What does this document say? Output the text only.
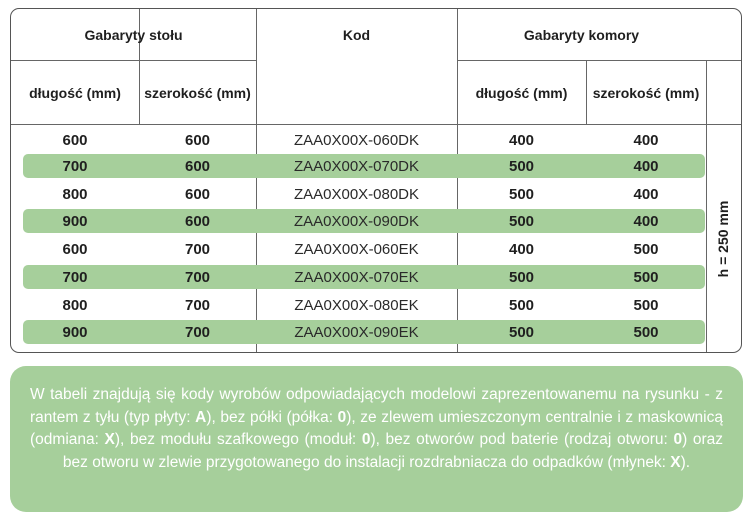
Gabaryty stołu	Kod	Gabaryty komory
długość (mm)	szerokość (mm)	długość (mm)	szerokość (mm)
600	600	ZAA0X00X-060DK	400	400
700	600	ZAA0X00X-070DK	500	400
800	600	ZAA0X00X-080DK	500	400
900	600	ZAA0X00X-090DK	500	400
600	700	ZAA0X00X-060EK	400	500
700	700	ZAA0X00X-070EK	500	500
800	700	ZAA0X00X-080EK	500	500
900	700	ZAA0X00X-090EK	500	500
h = 250 mm

W tabeli znajdują się kody wyrobów odpowiadających modelowi zaprezentowanemu na rysunku - z rantem z tyłu (typ płyty: A), bez półki (półka: 0), ze zlewem umieszczonym centralnie i z maskownicą (odmiana: X), bez modułu szafkowego (moduł: 0), bez otworów pod baterie (rodzaj otworu: 0) oraz bez otworu w zlewie przygotowanego do instalacji rozdrabniacza do odpadków (młynek: X).
